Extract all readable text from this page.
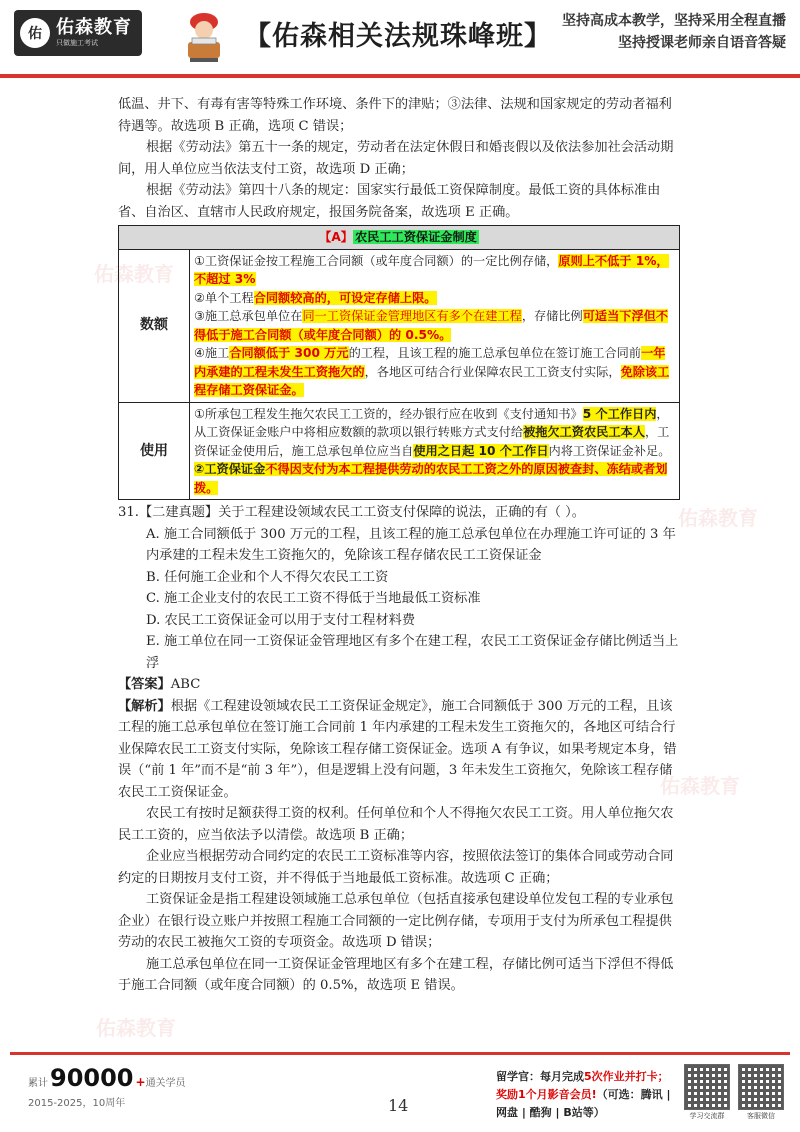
佑 佑森教育
只做施工考试	【佑森相关法规珠峰班】 坚持高成本教学，坚持采用全程直播
坚持授课老师亲自语音答疑
佑森教育
佑森教育
佑森教育
佑森教育

低温、井下、有毒有害等特殊工作环境、条件下的津贴；③法律、法规和国家规定的劳动者福利待遇等。故选项 B 正确，选项 C 错误；

根据《劳动法》第五十一条的规定，劳动者在法定休假日和婚丧假以及依法参加社会活动期间，用人单位应当依法支付工资，故选项 D 正确；

根据《劳动法》第四十八条的规定：国家实行最低工资保障制度。最低工资的具体标准由省、自治区、直辖市人民政府规定，报国务院备案，故选项 E 正确。

【A】 农民工工资保证金制度	
数额	①工资保证金按工程施工合同额（或年度合同额）的一定比例存储，原则上不低于 1%，不超过 3%
②单个工程合同额较高的，可设定存储上限。
③施工总承包单位在同一工资保证金管理地区有多个在建工程，存储比例可适当下浮但不得低于施工合同额（或年度合同额）的 0.5%。
④施工合同额低于 300 万元的工程，且该工程的施工总承包单位在签订施工合同前一年内承建的工程未发生工资拖欠的，各地区可结合行业保障农民工工资支付实际，免除该工程存储工资保证金。

使用	①所承包工程发生拖欠农民工工资的，经办银行应在收到《支付通知书》5 个工作日内，从工资保证金账户中将相应数额的款项以银行转账方式支付给被拖欠工资农民工本人，工资保证金使用后，施工总承包单位应当自使用之日起 10 个工作日内将工资保证金补足。
②工资保证金不得因支付为本工程提供劳动的农民工工资之外的原因被查封、冻结或者划拨。

31.【二建真题】关于工程建设领域农民工工资支付保障的说法，正确的有（ ）。

A. 施工合同额低于 300 万元的工程，且该工程的施工总承包单位在办理施工许可证的 3 年内承建的工程未发生工资拖欠的，免除该工程存储农民工工资保证金

B. 任何施工企业和个人不得欠农民工工资

C. 施工企业支付的农民工工资不得低于当地最低工资标准

D. 农民工工资保证金可以用于支付工程材料费

E. 施工单位在同一工资保证金管理地区有多个在建工程，农民工工资保证金存储比例适当上浮

【答案】ABC

【解析】根据《工程建设领域农民工工资保证金规定》，施工合同额低于 300 万元的工程，且该工程的施工总承包单位在签订施工合同前 1 年内承建的工程未发生工资拖欠的，各地区可结合行业保障农民工工资支付实际，免除该工程存储工资保证金。选项 A 有争议，如果考规定本身，错误（“前 1 年”而不是“前 3 年”），但是逻辑上没有问题，3 年未发生工资拖欠，免除该工程存储农民工工资保证金。

农民工有按时足额获得工资的权利。任何单位和个人不得拖欠农民工工资。用人单位拖欠农民工工资的，应当依法予以清偿。故选项 B 正确；

企业应当根据劳动合同约定的农民工工资标准等内容，按照依法签订的集体合同或劳动合同约定的日期按月支付工资，并不得低于当地最低工资标准。故选项 C 正确；

工资保证金是指工程建设领域施工总承包单位（包括直接承包建设单位发包工程的专业承包企业）在银行设立账户并按照工程施工合同额的一定比例存储，专项用于支付为所承包工程提供劳动的农民工被拖欠工资的专项资金。故选项 D 错误；

施工总承包单位在同一工资保证金管理地区有多个在建工程，存储比例可适当下浮但不得低于施工合同额（或年度合同额）的 0.5%，故选项 E 错误。

累计 90000 + 通关学员
2015-2025，10周年	14
留学官：每月完成5次作业并打卡；
奖励1个月影音会员!（可选：腾讯 | 网盘 | 酷狗 | B站等）	学习交流群	客服微信
